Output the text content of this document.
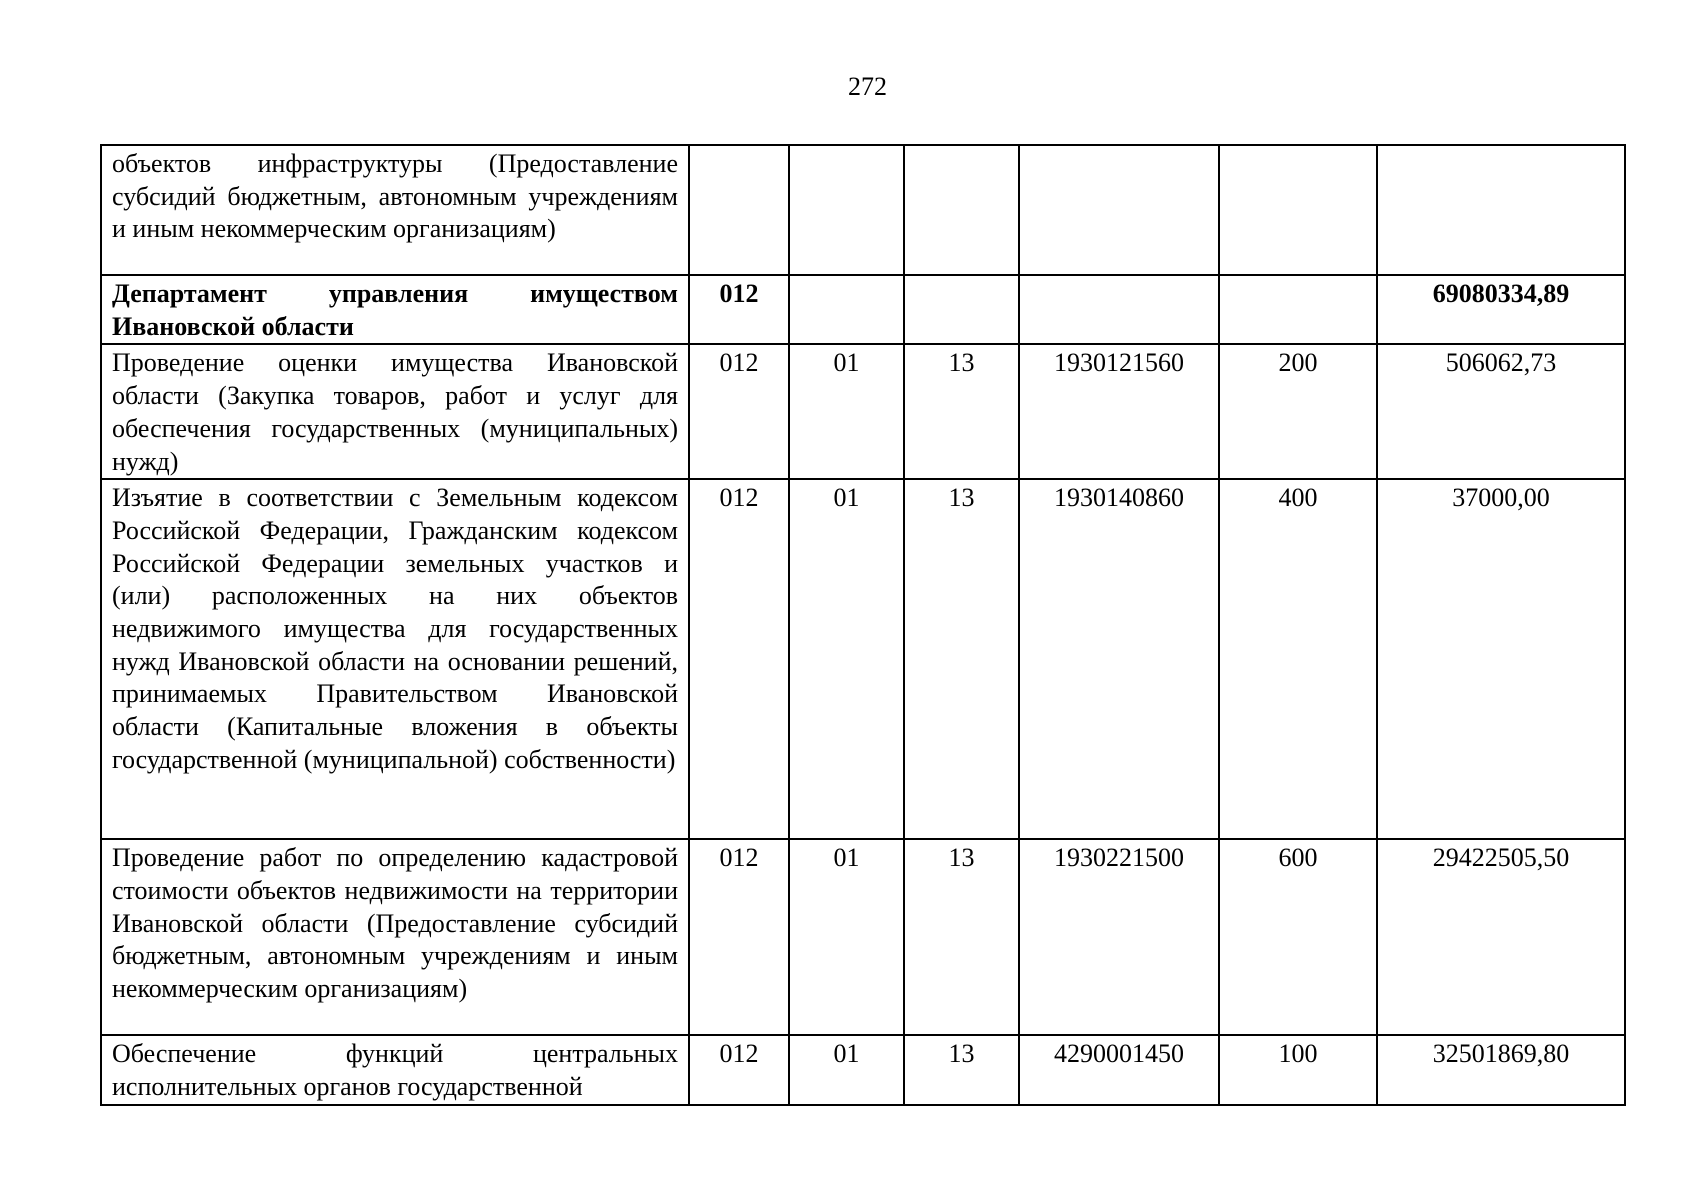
272
объектов инфраструктуры (Предоставление субсидий бюджетным, автономным учреждениям и иным некоммерческим организациям)						
Департамент управления имуществом Ивановской области	012					69080334,89
Проведение оценки имущества Ивановской области (Закупка товаров, работ и услуг для обеспечения государственных (муниципальных) нужд)	012	01	13	1930121560	200	506062,73
Изъятие в соответствии с Земельным кодексом Российской Федерации, Гражданским кодексом Российской Федерации земельных участков и (или) расположенных на них объектов недвижимого имущества для государственных нужд Ивановской области на основании решений, принимаемых Правительством Ивановской области (Капитальные вложения в объекты государственной (муниципальной) собственности)	012	01	13	1930140860	400	37000,00
Проведение работ по определению кадастровой стоимости объектов недвижимости на территории Ивановской области (Предоставление субсидий бюджетным, автономным учреждениям и иным некоммерческим организациям)	012	01	13	1930221500	600	29422505,50
Обеспечение функций центральных исполнительных органов государственной	012	01	13	4290001450	100	32501869,80
